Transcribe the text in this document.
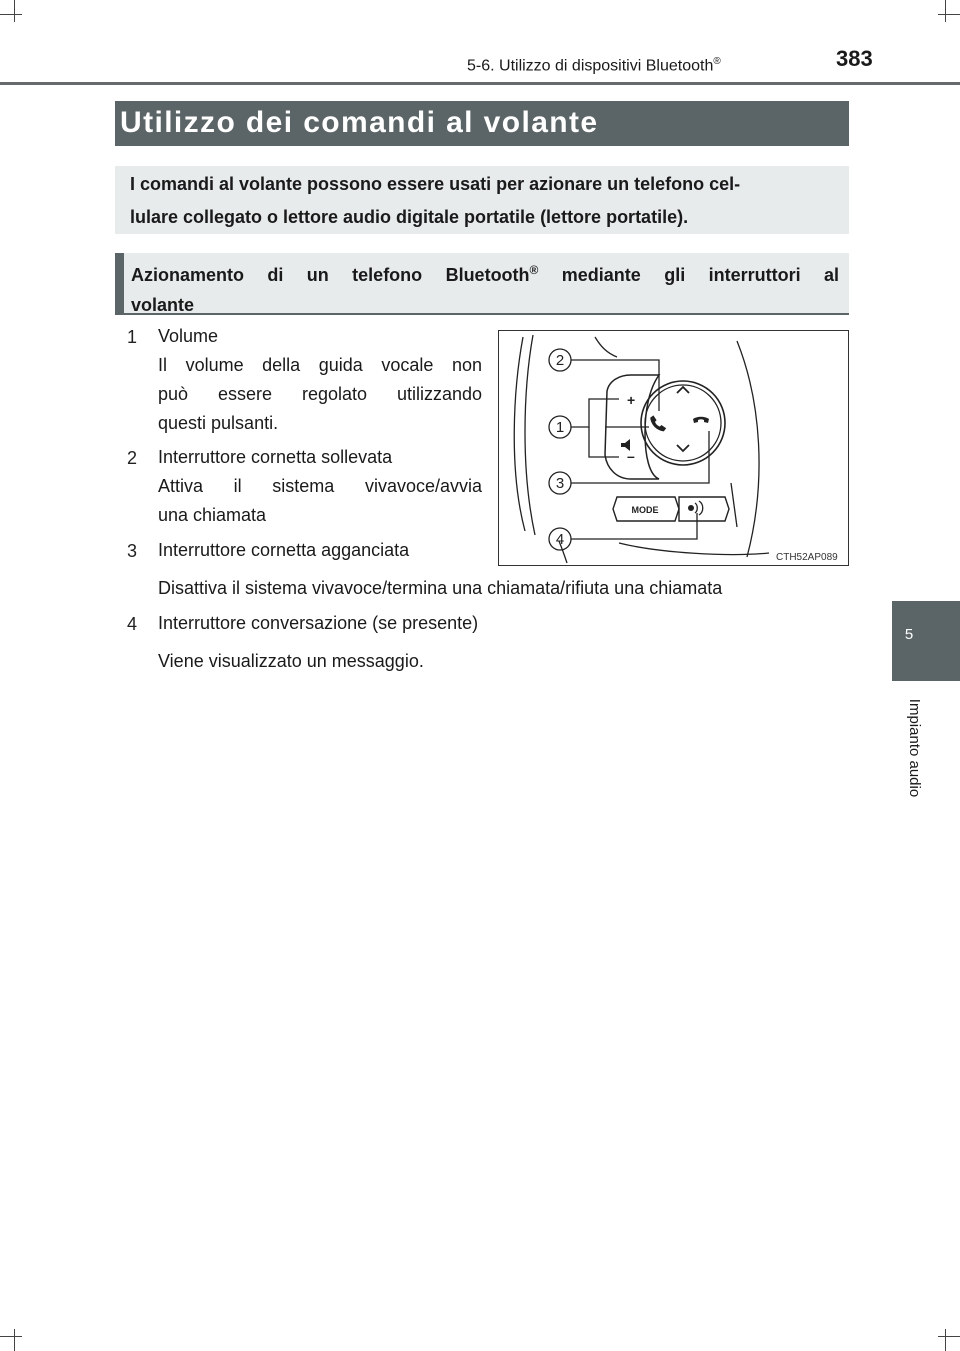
5-6. Utilizzo di dispositivi Bluetooth®	383
5
Impianto audio
Utilizzo dei comandi al volante
I comandi al volante possono essere usati per azionare un telefono cel-
lulare collegato o lettore audio digitale portatile (lettore portatile).
Azionamento di un telefono Bluetooth® mediante gli interruttori al
volante
1	Volume
Il volume della guida vocale non
può essere regolato utilizzando
questi pulsanti.
2	Interruttore cornetta sollevata
Attiva il sistema vivavoce/avvia
una chiamata
3	Interruttore cornetta agganciata
Disattiva il sistema vivavoce/termina una chiamata/rifiuta una chiamata
4	Interruttore conversazione (se presente)
Viene visualizzato un messaggio.
2
1
3
4
+
–
MODE
CTH52AP089
